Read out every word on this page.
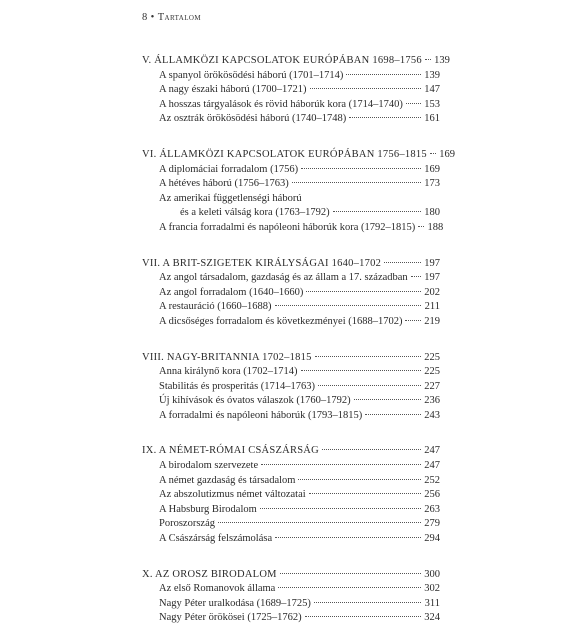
8 • Tartalom
V. ÁLLAMKÖZI KAPCSOLATOK EURÓPÁBAN 1698–1756 139
A spanyol örökösödési háború (1701–1714)	139
A nagy északi háború (1700–1721)	147
A hosszas tárgyalások és rövid háborúk kora (1714–1740) 153
Az osztrák örökösödési háború (1740–1748)	161
VI. ÁLLAMKÖZI KAPCSOLATOK EURÓPÁBAN 1756–1815 169
A diplomáciai forradalom (1756)	169
A hétéves háború (1756–1763)	173
Az amerikai függetlenségi háború
és a keleti válság kora (1763–1792)	180
A francia forradalmi és napóleoni háborúk kora (1792–1815) 188
VII. A BRIT-SZIGETEK KIRÁLYSÁGAI 1640–1702	197
Az angol társadalom, gazdaság és az állam a 17. században 197
Az angol forradalom (1640–1660)	202
A restauráció (1660–1688)	211
A dicsőséges forradalom és következményei (1688–1702) 219
VIII. NAGY-BRITANNIA 1702–1815	225
Anna királynő kora (1702–1714)	225
Stabilitás és prosperitás (1714–1763)	227
Új kihívások és óvatos válaszok (1760–1792)	236
A forradalmi és napóleoni háborúk (1793–1815)	243
IX. A NÉMET-RÓMAI CSÁSZÁRSÁG	247
A birodalom szervezete	247
A német gazdaság és társadalom	252
Az abszolutizmus német változatai	256
A Habsburg Birodalom	263
Poroszország	279
A Császárság felszámolása	294
X. AZ OROSZ BIRODALOM	300
Az első Romanovok állama	302
Nagy Péter uralkodása (1689–1725)	311
Nagy Péter örökösei (1725–1762)	324
